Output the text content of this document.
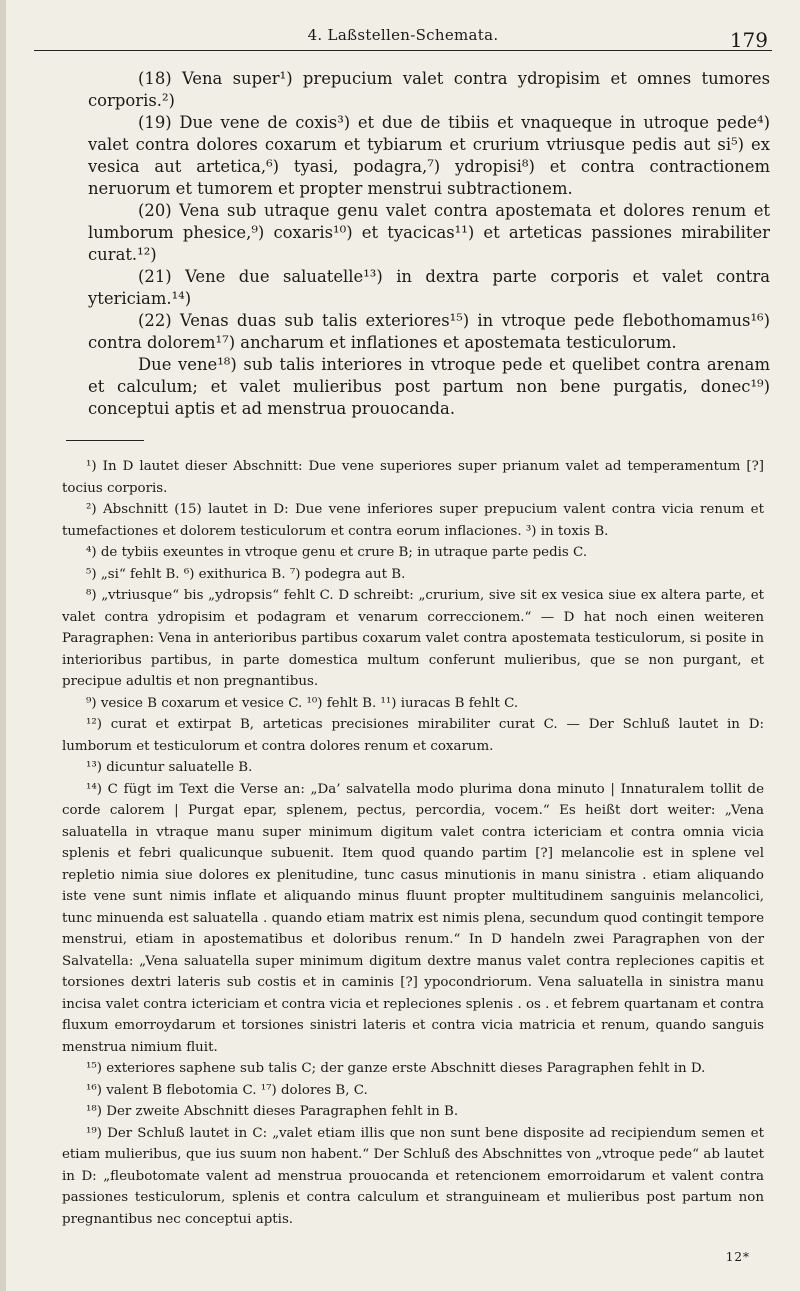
4. Laßstellen-Schemata.	179

(18) Vena super¹) prepucium valet contra ydropisim et omnes tumores corporis.²)

(19) Due vene de coxis³) et due de tibiis et vnaqueque in utroque pede⁴) valet contra dolores coxarum et tybiarum et crurium vtriusque pedis aut si⁵) ex vesica aut artetica,⁶) tyasi, podagra,⁷) ydropisi⁸) et contra contractionem neruorum et tumorem et propter menstrui subtractionem.

(20) Vena sub utraque genu valet contra apostemata et dolores renum et lumborum phesice,⁹) coxaris¹⁰) et tyacicas¹¹) et arteticas passiones mirabiliter curat.¹²)

(21) Vene due saluatelle¹³) in dextra parte corporis et valet contra ytericiam.¹⁴)

(22) Venas duas sub talis exteriores¹⁵) in vtroque pede flebothomamus¹⁶) contra dolorem¹⁷) ancharum et inflationes et apostemata testiculorum.

Due vene¹⁸) sub talis interiores in vtroque pede et quelibet contra arenam et calculum; et valet mulieribus post partum non bene purgatis, donec¹⁹) conceptui aptis et ad menstrua prouocanda.

¹) In D lautet dieser Abschnitt: Due vene superiores super prianum valet ad temperamentum [?] tocius corporis.

²) Abschnitt (15) lautet in D: Due vene inferiores super prepucium valent contra vicia renum et tumefactiones et dolorem testiculorum et contra eorum inflaciones. ³) in toxis B.

⁴) de tybiis exeuntes in vtroque genu et crure B; in utraque parte pedis C.

⁵) „si“ fehlt B. ⁶) exithurica B. ⁷) podegra aut B.

⁸) „vtriusque“ bis „ydropsis“ fehlt C. D schreibt: „crurium, sive sit ex vesica siue ex altera parte, et valet contra ydropisim et podagram et venarum correccionem.“ — D hat noch einen weiteren Paragraphen: Vena in anterioribus partibus coxarum valet contra apostemata testiculorum, si posite in interioribus partibus, in parte domestica multum conferunt mulieribus, que se non purgant, et precipue adultis et non pregnantibus.

⁹) vesice B coxarum et vesice C. ¹⁰) fehlt B. ¹¹) iuracas B fehlt C.

¹²) curat et extirpat B, arteticas precisiones mirabiliter curat C. — Der Schluß lautet in D: lumborum et testiculorum et contra dolores renum et coxarum.

¹³) dicuntur saluatelle B.

¹⁴) C fügt im Text die Verse an: „Da’ salvatella modo plurima dona minuto | Innaturalem tollit de corde calorem | Purgat epar, splenem, pectus, percordia, vocem.“ Es heißt dort weiter: „Vena saluatella in vtraque manu super minimum digitum valet contra ictericiam et contra omnia vicia splenis et febri qualicunque subuenit. Item quod quando partim [?] melancolie est in splene vel repletio nimia siue dolores ex plenitudine, tunc casus minutionis in manu sinistra . etiam aliquando iste vene sunt nimis inflate et aliquando minus fluunt propter multitudinem sanguinis melancolici, tunc minuenda est saluatella . quando etiam matrix est nimis plena, secundum quod contingit tempore menstrui, etiam in apostematibus et doloribus renum.“ In D handeln zwei Paragraphen von der Salvatella: „Vena saluatella super minimum digitum dextre manus valet contra repleciones capitis et torsiones dextri lateris sub costis et in caminis [?] ypocondriorum. Vena saluatella in sinistra manu incisa valet contra ictericiam et contra vicia et repleciones splenis . os . et febrem quartanam et contra fluxum emorroydarum et torsiones sinistri lateris et contra vicia matricia et renum, quando sanguis menstrua nimium fluit.

¹⁵) exteriores saphene sub talis C; der ganze erste Abschnitt dieses Paragraphen fehlt in D.

¹⁶) valent B flebotomia C. ¹⁷) dolores B, C.

¹⁸) Der zweite Abschnitt dieses Paragraphen fehlt in B.

¹⁹) Der Schluß lautet in C: „valet etiam illis que non sunt bene disposite ad recipiendum semen et etiam mulieribus, que ius suum non habent.“ Der Schluß des Abschnittes von „vtroque pede“ ab lautet in D: „fleubotomate valent ad menstrua prouocanda et retencionem emorroidarum et valent contra passiones testiculorum, splenis et contra calculum et stranguineam et mulieribus post partum non pregnantibus nec conceptui aptis.

12*
